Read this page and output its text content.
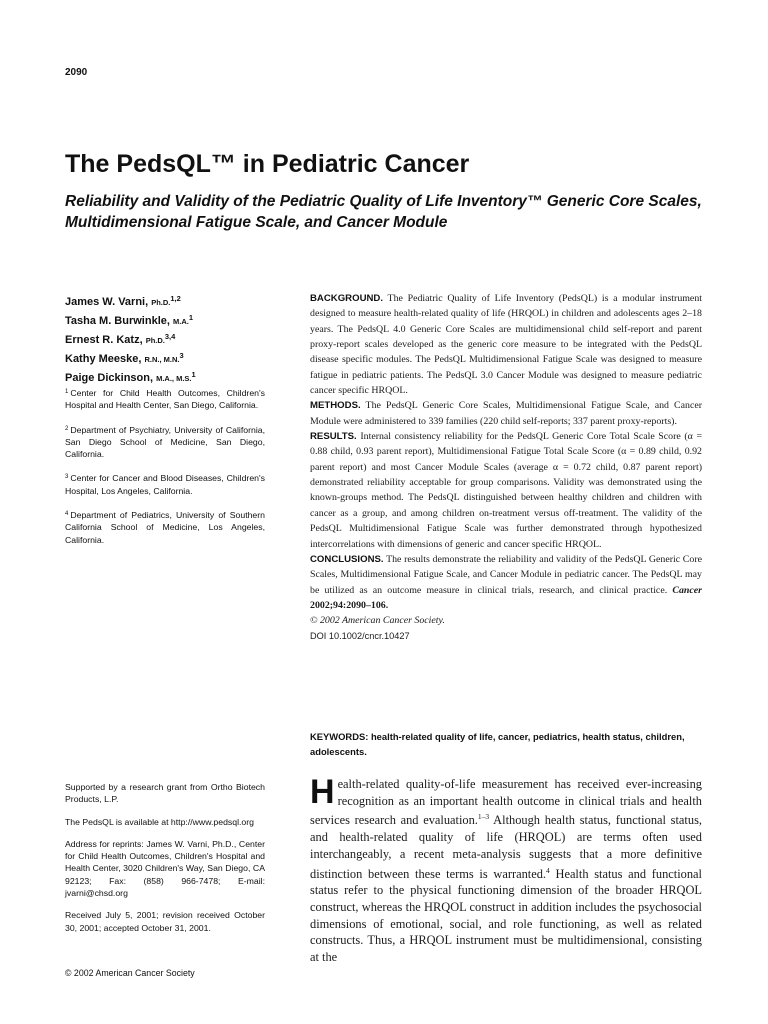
2090
The PedsQL™ in Pediatric Cancer
Reliability and Validity of the Pediatric Quality of Life Inventory™ Generic Core Scales, Multidimensional Fatigue Scale, and Cancer Module
James W. Varni, Ph.D.$^{1,2}$
Tasha M. Burwinkle, M.A.$^1$
Ernest R. Katz, Ph.D.$^{3,4}$
Kathy Meeske, R.N., M.N.$^3$
Paige Dickinson, M.A., M.S.$^1$

$^1$ Center for Child Health Outcomes, Children's Hospital and Health Center, San Diego, California.

$^2$ Department of Psychiatry, University of California, San Diego School of Medicine, San Diego, California.

$^3$ Center for Cancer and Blood Diseases, Children's Hospital, Los Angeles, California.

$^4$ Department of Pediatrics, University of Southern California School of Medicine, Los Angeles, California.

Supported by a research grant from Ortho Biotech Products, L.P.

The PedsQL is available at http://www.pedsql.org

Address for reprints: James W. Varni, Ph.D., Center for Child Health Outcomes, Children's Hospital and Health Center, 3020 Children's Way, San Diego, CA 92123; Fax: (858) 966-7478; E-mail: jvarni@chsd.org

Received July 5, 2001; revision received October 30, 2001; accepted October 31, 2001.

© 2002 American Cancer Society

BACKGROUND. The Pediatric Quality of Life Inventory (PedsQL) is a modular instrument designed to measure health-related quality of life (HRQOL) in children and adolescents ages 2–18 years. The PedsQL 4.0 Generic Core Scales are multidimensional child self-report and parent proxy-report scales developed as the generic core measure to be integrated with the PedsQL disease specific modules. The PedsQL Multidimensional Fatigue Scale was designed to measure fatigue in pediatric patients. The PedsQL 3.0 Cancer Module was designed to measure pediatric cancer specific HRQOL.

METHODS. The PedsQL Generic Core Scales, Multidimensional Fatigue Scale, and Cancer Module were administered to 339 families (220 child self-reports; 337 parent proxy-reports).

RESULTS. Internal consistency reliability for the PedsQL Generic Core Total Scale Score (α = 0.88 child, 0.93 parent report), Multidimensional Fatigue Total Scale Score (α = 0.89 child, 0.92 parent report) and most Cancer Module Scales (average α = 0.72 child, 0.87 parent report) demonstrated reliability acceptable for group comparisons. Validity was demonstrated using the known-groups method. The PedsQL distinguished between healthy children and children with cancer as a group, and among children on-treatment versus off-treatment. The validity of the PedsQL Multidimensional Fatigue Scale was further demonstrated through hypothesized intercorrelations with dimensions of generic and cancer specific HRQOL.

CONCLUSIONS. The results demonstrate the reliability and validity of the PedsQL Generic Core Scales, Multidimensional Fatigue Scale, and Cancer Module in pediatric cancer. The PedsQL may be utilized as an outcome measure in clinical trials, research, and clinical practice. Cancer 2002;94:2090–106.

© 2002 American Cancer Society.

DOI 10.1002/cncr.10427

KEYWORDS: health-related quality of life, cancer, pediatrics, health status, children, adolescents.
Health-related quality-of-life measurement has received ever-increasing recognition as an important health outcome in clinical trials and health services research and evaluation.$^{1-3}$ Although health status, functional status, and health-related quality of life (HRQOL) are terms often used interchangeably, a recent meta-analysis suggests that a more definitive distinction between these terms is warranted.$^4$ Health status and functional status refer to the physical functioning dimension of the broader HRQOL construct, whereas the HRQOL construct in addition includes the psychosocial dimensions of emotional, social, and role functioning, as well as related constructs. Thus, a HRQOL instrument must be multidimensional, consisting at the
